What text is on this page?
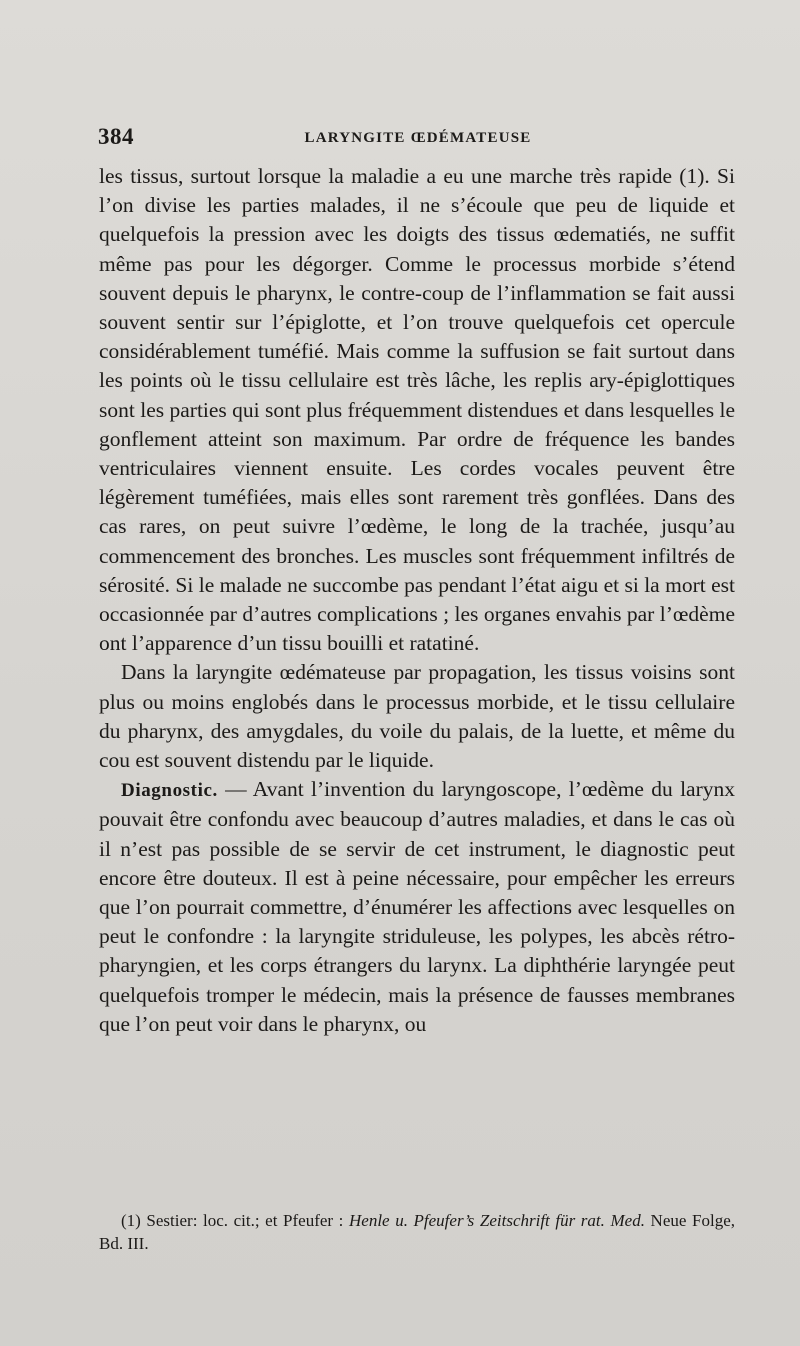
384	LARYNGITE ŒDÉMATEUSE

les tissus, surtout lorsque la maladie a eu une marche très rapide (1). Si l’on divise les parties malades, il ne s’écoule que peu de liquide et quelquefois la pression avec les doigts des tissus œdematiés, ne suffit même pas pour les dégorger. Comme le processus morbide s’étend souvent depuis le pharynx, le contre-coup de l’inflammation se fait aussi souvent sentir sur l’épiglotte, et l’on trouve quelquefois cet opercule considérablement tuméfié. Mais comme la suffusion se fait surtout dans les points où le tissu cellulaire est très lâche, les replis ary-épiglottiques sont les parties qui sont plus fréquemment distendues et dans lesquelles le gonflement atteint son maximum. Par ordre de fréquence les bandes ventriculaires viennent ensuite. Les cordes vocales peuvent être légèrement tuméfiées, mais elles sont rarement très gonflées. Dans des cas rares, on peut suivre l’œdème, le long de la trachée, jusqu’au commencement des bronches. Les muscles sont fréquemment infiltrés de sérosité. Si le malade ne succombe pas pendant l’état aigu et si la mort est occasionnée par d’autres complications ; les organes envahis par l’œdème ont l’apparence d’un tissu bouilli et ratatiné.

Dans la laryngite œdémateuse par propagation, les tissus voisins sont plus ou moins englobés dans le processus morbide, et le tissu cellulaire du pharynx, des amygdales, du voile du palais, de la luette, et même du cou est souvent distendu par le liquide.

Diagnostic. — Avant l’invention du laryngoscope, l’œdème du larynx pouvait être confondu avec beaucoup d’autres maladies, et dans le cas où il n’est pas possible de se servir de cet instrument, le diagnostic peut encore être douteux. Il est à peine nécessaire, pour empêcher les erreurs que l’on pourrait commettre, d’énumérer les affections avec lesquelles on peut le confondre : la laryngite striduleuse, les polypes, les abcès rétro-pharyngien, et les corps étrangers du larynx. La diphthérie laryngée peut quelquefois tromper le médecin, mais la présence de fausses membranes que l’on peut voir dans le pharynx, ou

(1) Sestier: loc. cit.; et Pfeufer : Henle u. Pfeufer’s Zeitschrift für rat. Med. Neue Folge, Bd. III.
